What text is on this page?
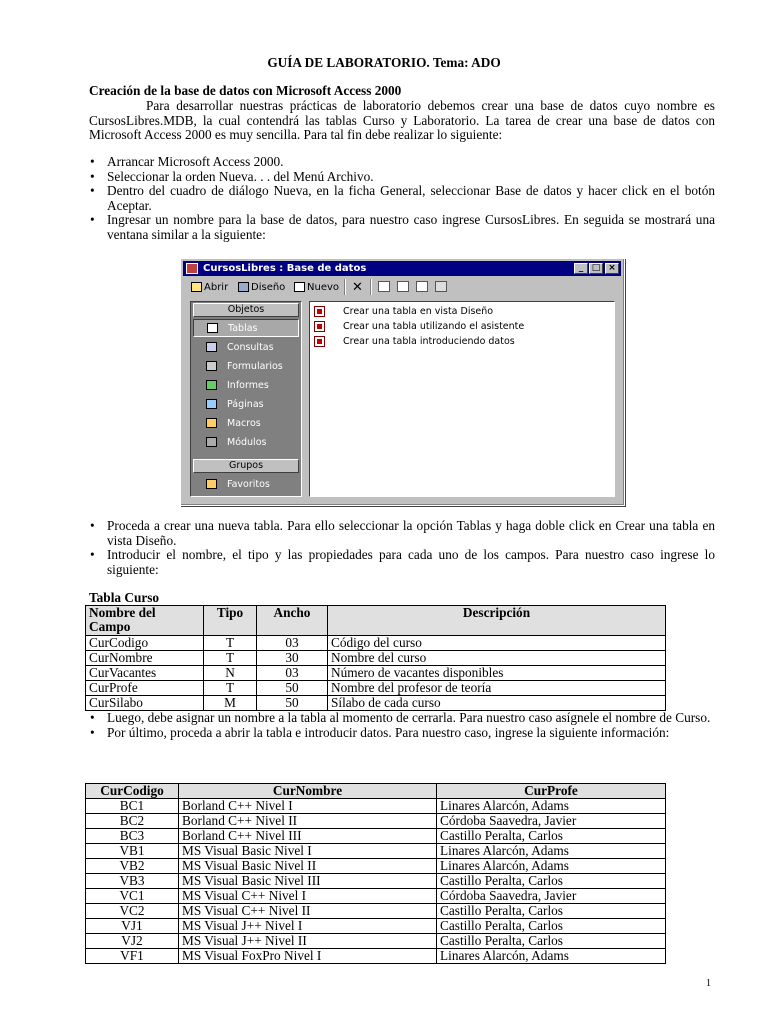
GUÍA DE LABORATORIO. Tema: ADO
Creación de la base de datos con Microsoft Access 2000
Para desarrollar nuestras prácticas de laboratorio debemos crear una base de datos cuyo nombre es CursosLibres.MDB, la cual contendrá las tablas Curso y Laboratorio. La tarea de crear una base de datos con Microsoft Access 2000 es muy sencilla. Para tal fin debe realizar lo siguiente:
• Arrancar Microsoft Access 2000.
• Seleccionar la orden Nueva. . . del Menú Archivo.
• Dentro del cuadro de diálogo Nueva, en la ficha General, seleccionar Base de datos y hacer click en el botón Aceptar.
• Ingresar un nombre para la base de datos, para nuestro caso ingrese CursosLibres. En seguida se mostrará una ventana similar a la siguiente:
CursosLibres : Base de datos	_ □ ×
Abrir Diseño Nuevo ✕
Objetos
Tablas
Consultas
Formularios
Informes
Páginas
Macros
Módulos
Grupos
Favoritos
Crear una tabla en vista Diseño
Crear una tabla utilizando el asistente
Crear una tabla introduciendo datos
• Proceda a crear una nueva tabla. Para ello seleccionar la opción Tablas y haga doble click en Crear una tabla en vista Diseño.
• Introducir el nombre, el tipo y las propiedades para cada uno de los campos. Para nuestro caso ingrese lo siguiente:
Tabla Curso
Nombre del Campo	Tipo	Ancho	Descripción
CurCodigo	T	03	Código del curso
CurNombre	T	30	Nombre del curso
CurVacantes	N	03	Número de vacantes disponibles
CurProfe	T	50	Nombre del profesor de teoría
CurSilabo	M	50	Sílabo de cada curso
• Luego, debe asignar un nombre a la tabla al momento de cerrarla. Para nuestro caso asígnele el nombre de Curso.
• Por último, proceda a abrir la tabla e introducir datos. Para nuestro caso, ingrese la siguiente información:
CurCodigo	CurNombre	CurProfe
BC1	Borland C++ Nivel I	Linares Alarcón, Adams
BC2	Borland C++ Nivel II	Córdoba Saavedra, Javier
BC3	Borland C++ Nivel III	Castillo Peralta, Carlos
VB1	MS Visual Basic Nivel I	Linares Alarcón, Adams
VB2	MS Visual Basic Nivel II	Linares Alarcón, Adams
VB3	MS Visual Basic Nivel III	Castillo Peralta, Carlos
VC1	MS Visual C++ Nivel I	Córdoba Saavedra, Javier
VC2	MS Visual C++ Nivel II	Castillo Peralta, Carlos
VJ1	MS Visual J++ Nivel I	Castillo Peralta, Carlos
VJ2	MS Visual J++ Nivel II	Castillo Peralta, Carlos
VF1	MS Visual FoxPro Nivel I	Linares Alarcón, Adams
1
